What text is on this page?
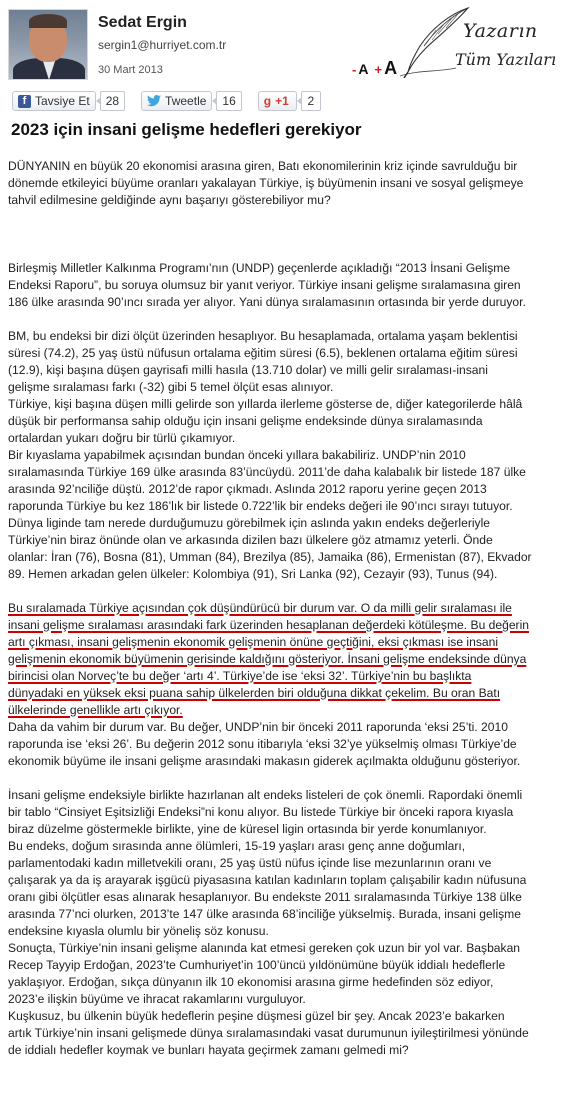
Sedat Ergin
sergin1@hurriyet.com.tr
30 Mart 2013	- A + A
Yazarın
Tüm Yazıları
f Tavsiye Et	28	Tweetle	16	g +1	2
2023 için insani gelişme hedefleri gerekiyor

DÜNYANIN en büyük 20 ekonomisi arasına giren, Batı ekonomilerinin kriz içinde savrulduğu bir
dönemde etkileyici büyüme oranları yakalayan Türkiye, iş büyümenin insani ve sosyal gelişmeye
tahvil edilmesine geldiğinde aynı başarıyı gösterebiliyor mu?

Birleşmiş Milletler Kalkınma Programı’nın (UNDP) geçenlerde açıkladığı “2013 İnsani Gelişme
Endeksi Raporu”, bu soruya olumsuz bir yanıt veriyor. Türkiye insani gelişme sıralamasına giren
186 ülke arasında 90’ıncı sırada yer alıyor. Yani dünya sıralamasının ortasında bir yerde duruyor.

BM, bu endeksi bir dizi ölçüt üzerinden hesaplıyor. Bu hesaplamada, ortalama yaşam beklentisi
süresi (74.2), 25 yaş üstü nüfusun ortalama eğitim süresi (6.5), beklenen ortalama eğitim süresi
(12.9), kişi başına düşen gayrisafi milli hasıla (13.710 dolar) ve milli gelir sıralaması-insani
gelişme sıralaması farkı (-32) gibi 5 temel ölçüt esas alınıyor.
Türkiye, kişi başına düşen milli gelirde son yıllarda ilerleme gösterse de, diğer kategorilerde hâlâ
düşük bir performansa sahip olduğu için insani gelişme endeksinde dünya sıralamasında
ortalardan yukarı doğru bir türlü çıkamıyor.
Bir kıyaslama yapabilmek açısından bundan önceki yıllara bakabiliriz. UNDP’nin 2010
sıralamasında Türkiye 169 ülke arasında 83’üncüydü. 2011’de daha kalabalık bir listede 187 ülke
arasında 92’nciliğe düştü. 2012’de rapor çıkmadı. Aslında 2012 raporu yerine geçen 2013
raporunda Türkiye bu kez 186’lık bir listede 0.722’lik bir endeks değeri ile 90’ıncı sırayı tutuyor.
Dünya liginde tam nerede durduğumuzu görebilmek için aslında yakın endeks değerleriyle
Türkiye’nin biraz önünde olan ve arkasında dizilen bazı ülkelere göz atmamız yeterli. Önde
olanlar: İran (76), Bosna (81), Umman (84), Brezilya (85), Jamaika (86), Ermenistan (87), Ekvador
89. Hemen arkadan gelen ülkeler: Kolombiya (91), Sri Lanka (92), Cezayir (93), Tunus (94).

Bu sıralamada Türkiye açısından çok düşündürücü bir durum var. O da milli gelir sıralaması ile
insani gelişme sıralaması arasındaki fark üzerinden hesaplanan değerdeki kötüleşme. Bu değerin
artı çıkması, insani gelişmenin ekonomik gelişmenin önüne geçtiğini, eksi çıkması ise insani
gelişmenin ekonomik büyümenin gerisinde kaldığını gösteriyor. İnsani gelişme endeksinde dünya
birincisi olan Norveç’te bu değer ‘artı 4’. Türkiye’de ise ‘eksi 32’. Türkiye’nin bu başlıkta
dünyadaki en yüksek eksi puana sahip ülkelerden biri olduğuna dikkat çekelim. Bu oran Batı
ülkelerinde genellikle artı çıkıyor.

Daha da vahim bir durum var. Bu değer, UNDP’nin bir önceki 2011 raporunda ‘eksi 25’ti. 2010
raporunda ise ‘eksi 26’. Bu değerin 2012 sonu itibarıyla ‘eksi 32’ye yükselmiş olması Türkiye’de
ekonomik büyüme ile insani gelişme arasındaki makasın giderek açılmakta olduğunu gösteriyor.

İnsani gelişme endeksiyle birlikte hazırlanan alt endeks listeleri de çok önemli. Rapordaki önemli
bir tablo “Cinsiyet Eşitsizliği Endeksi”ni konu alıyor. Bu listede Türkiye bir önceki rapora kıyasla
biraz düzelme göstermekle birlikte, yine de küresel ligin ortasında bir yerde konumlanıyor.
Bu endeks, doğum sırasında anne ölümleri, 15-19 yaşları arası genç anne doğumları,
parlamentodaki kadın milletvekili oranı, 25 yaş üstü nüfus içinde lise mezunlarının oranı ve
çalışarak ya da iş arayarak işgücü piyasasına katılan kadınların toplam çalışabilir kadın nüfusuna
oranı gibi ölçütler esas alınarak hesaplanıyor. Bu endekste 2011 sıralamasında Türkiye 138 ülke
arasında 77’nci olurken, 2013’te 147 ülke arasında 68’inciliğe yükselmiş. Burada, insani gelişme
endeksine kıyasla olumlu bir yöneliş söz konusu.
Sonuçta, Türkiye’nin insani gelişme alanında kat etmesi gereken çok uzun bir yol var. Başbakan
Recep Tayyip Erdoğan, 2023’te Cumhuriyet’in 100’üncü yıldönümüne büyük iddialı hedeflerle
yaklaşıyor. Erdoğan, sıkça dünyanın ilk 10 ekonomisi arasına girme hedefinden söz ediyor,
2023’e ilişkin büyüme ve ihracat rakamlarını vurguluyor.
Kuşkusuz, bu ülkenin büyük hedeflerin peşine düşmesi güzel bir şey. Ancak 2023’e bakarken
artık Türkiye’nin insani gelişmede dünya sıralamasındaki vasat durumunun iyileştirilmesi yönünde
de iddialı hedefler koymak ve bunları hayata geçirmek zamanı gelmedi mi?
